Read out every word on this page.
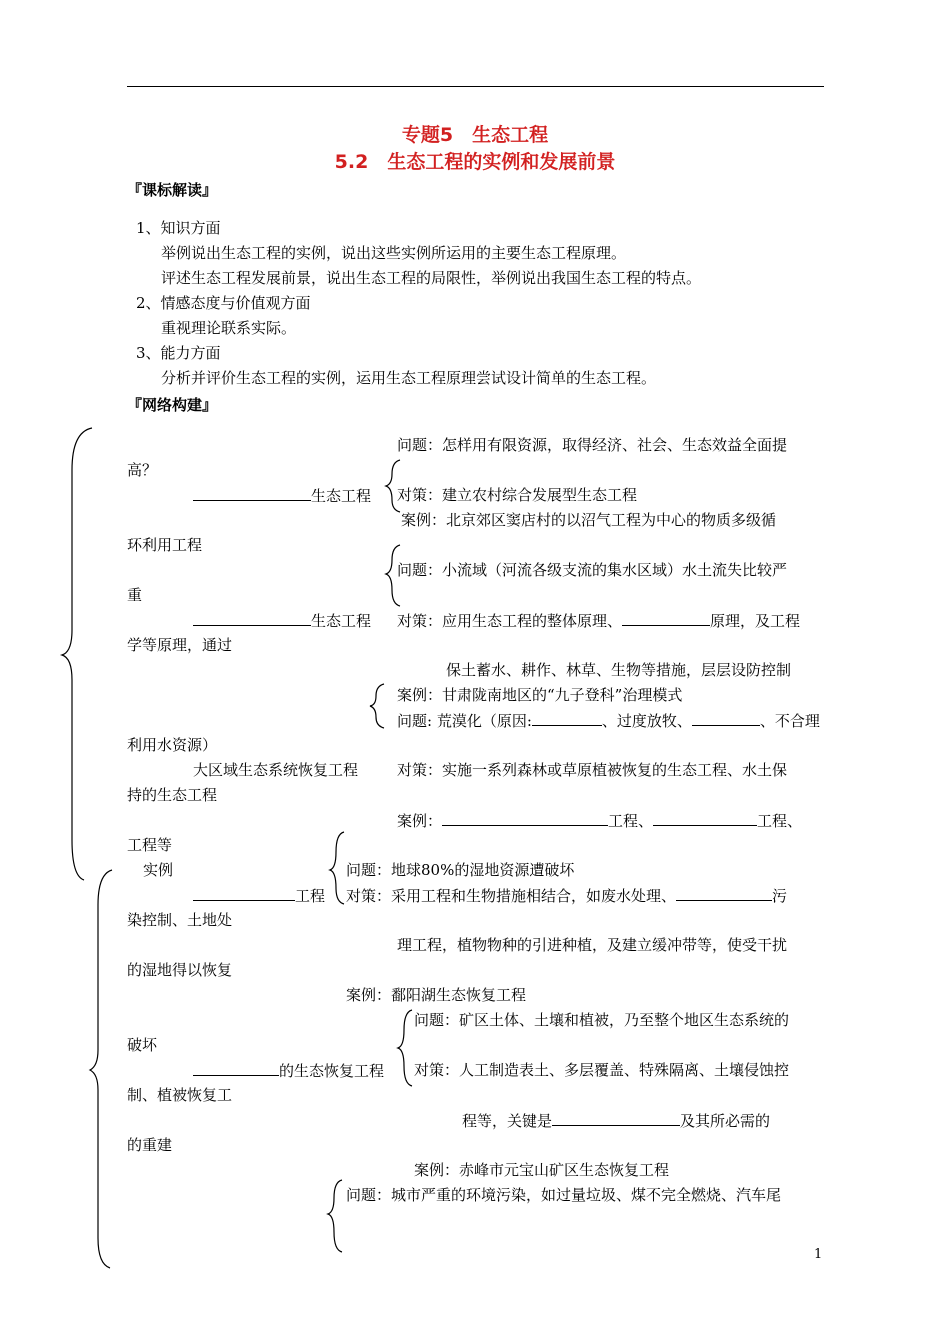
专题5　生态工程
5.2　生态工程的实例和发展前景
『课标解读』
1、知识方面
举例说出生态工程的实例，说出这些实例所运用的主要生态工程原理。
评述生态工程发展前景，说出生态工程的局限性，举例说出我国生态工程的特点。
2、情感态度与价值观方面
重视理论联系实际。
3、能力方面
分析并评价生态工程的实例，运用生态工程原理尝试设计简单的生态工程。
『网络构建』
问题：怎样用有限资源，取得经济、社会、生态效益全面提
高？
生态工程 对策：建立农村综合发展型生态工程
案例：北京郊区窦店村的以沼气工程为中心的物质多级循
环利用工程
问题：小流域（河流各级支流的集水区域）水土流失比较严
重
生态工程 对策：应用生态工程的整体原理、	原理，及工程
学等原理，通过
保土蓄水、耕作、林草、生物等措施，层层设防控制
案例：甘肃陇南地区的“九子登科”治理模式
问题: 荒漠化（原因:	、过度放牧、	、不合理
利用水资源）
大区域生态系统恢复工程	对策：实施一系列森林或草原植被恢复的生态工程、水土保
持的生态工程
案例：	工程、	工程、
工程等
实例	问题：地球80%的湿地资源遭破坏
工程 对策：采用工程和生物措施相结合，如废水处理、	污
染控制、土地处
理工程，植物物种的引进种植，及建立缓冲带等，使受干扰
的湿地得以恢复
案例：鄱阳湖生态恢复工程
问题：矿区土体、土壤和植被，乃至整个地区生态系统的
破坏
的生态恢复工程 对策：人工制造表土、多层覆盖、特殊隔离、土壤侵蚀控
制、植被恢复工
程等，关键是	及其所必需的
的重建
案例：赤峰市元宝山矿区生态恢复工程
问题：城市严重的环境污染，如过量垃圾、煤不完全燃烧、汽车尾
1
